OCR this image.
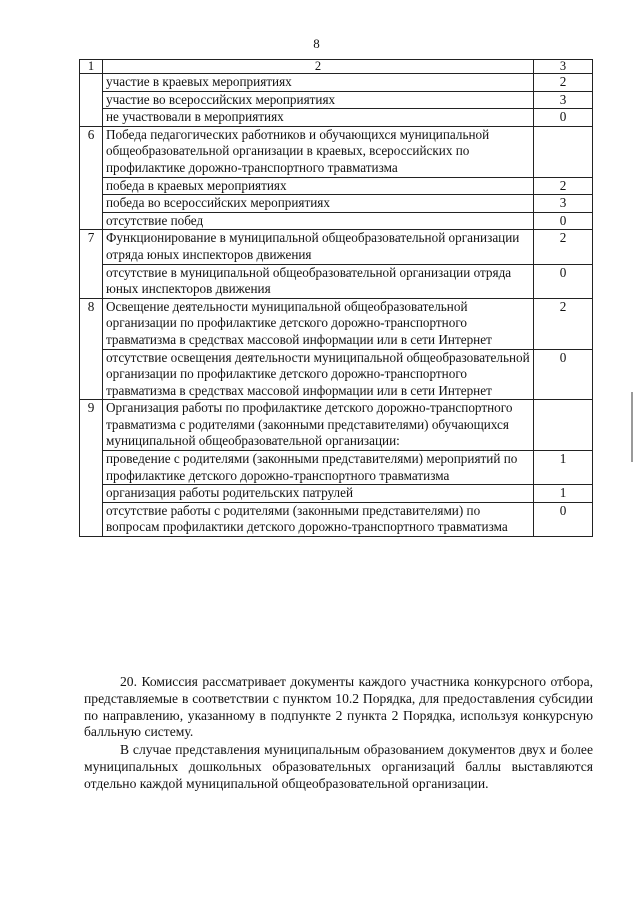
8
1	2	3
	участие в краевых мероприятиях	2
	участие во всероссийских мероприятиях	3
	не участвовали в мероприятиях	0
6	Победа педагогических работников и обучающихся муниципальной общеобразовательной организации в краевых, всероссийских по профилактике дорожно-транспортного травматизма	
	победа в краевых мероприятиях	2
	победа во всероссийских мероприятиях	3
	отсутствие побед	0
7	Функционирование в муниципальной общеобразовательной организации отряда юных инспекторов движения	2
	отсутствие в муниципальной общеобразовательной организации отряда юных инспекторов движения	0
8	Освещение деятельности муниципальной общеобразовательной организации по профилактике детского дорожно-транспортного травматизма в средствах массовой информации или в сети Интернет	2
	отсутствие освещения деятельности муниципальной общеобразовательной организации по профилактике детского дорожно-транспортного травматизма в средствах массовой информации или в сети Интернет	0
9	Организация работы по профилактике детского дорожно-транспортного травматизма с родителями (законными представителями) обучающихся муниципальной общеобразовательной организации:	
	проведение с родителями (законными представителями) мероприятий по профилактике детского дорожно-транспортного травматизма	1
	организация работы родительских патрулей	1
	отсутствие работы с родителями (законными представителями) по вопросам профилактики детского дорожно-транспортного травматизма	0

20. Комиссия рассматривает документы каждого участника конкурсного отбора, представляемые в соответствии с пунктом 10.2 Порядка, для предоставления субсидии по направлению, указанному в подпункте 2 пункта 2 Порядка, используя конкурсную балльную систему.

В случае представления муниципальным образованием документов двух и более муниципальных дошкольных образовательных организаций баллы выставляются отдельно каждой муниципальной общеобразовательной организации.
